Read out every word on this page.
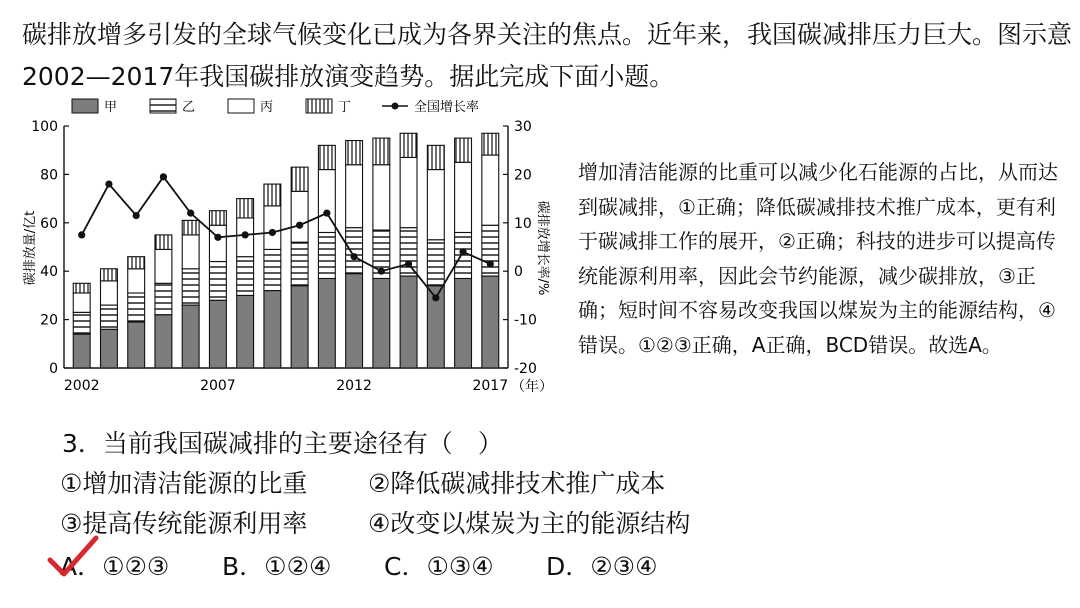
碳排放增多引发的全球气候变化已成为各界关注的焦点。近年来，我国碳减排压力巨大。图示意2002—2017年我国碳排放演变趋势。据此完成下面小题。
甲	乙	丙	丁	全国增长率
0
20
40
60
80
100
-20
-10
0
10
20
30
2002	2007	2012	2017 （年）
碳排放量/亿t	碳排放增长率/%
增加清洁能源的比重可以减少化石能源的占比，从而达到碳减排，①正确；降低碳减排技术推广成本，更有利于碳减排工作的展开，②正确；科技的进步可以提高传统能源利用率，因此会节约能源，减少碳排放，③正确；短时间不容易改变我国以煤炭为主的能源结构，④错误。①②③正确，A正确，BCD错误。故选A。
3．当前我国碳减排的主要途径有（　）
①增加清洁能源的比重 ②降低碳减排技术推广成本
③提高传统能源利用率 ④改变以煤炭为主的能源结构
A．①②③ B．①②④ C．①③④ D．②③④
